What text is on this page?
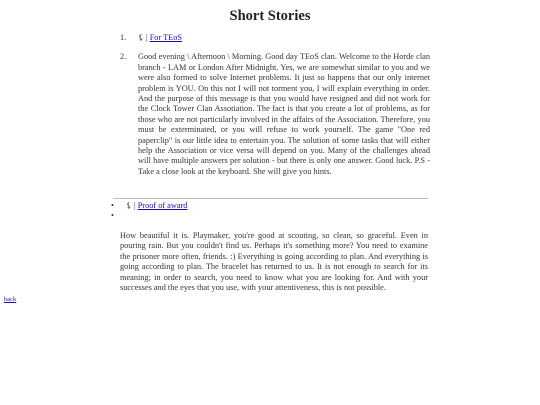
Short Stories
1. ⚸ | For TEoS
2. Good evening \ Afternoon \ Morning. Good day TEoS clan. Welcome to the Horde clan branch - LAM or London After Midnight. Yes, we are somewhat similar to you and we were also formed to solve Internet problems. It just so happens that our only internet problem is YOU. On this not I will not torment you, I will explain everything in order. And the purpose of this message is that you would have resigned and did not work for the Clock Tower Clan Assotiation. The fact is that you create a lot of problems, as for those who are not particularly involved in the affairs of the Association. Therefore, you must be exterminated, or you will refuse to work yourself. The game "One red paperclip" is our little idea to entertain you. The solution of some tasks that will either help the Association or vice versa will depend on you. Many of the challenges ahead will have multiple answers per solution - but there is only one answer. Good luck. P.S - Take a close look at the keyboard. She will give you hints.
• ⚸ | Proof of award
•

How beautiful it is. Playmaker, you're good at scouting, so clean, so graceful. Even in pouring rain. But you couldn't find us. Perhaps it's something more? You need to examine the prisoner more often, friends. :) Everything is going according to plan. And everything is going according to plan. The bracelet has returned to us. It is not enough to search for its meaning; in order to search, you need to know what you are looking for. And with your successes and the eyes that you use, with your attentiveness, this is not possible.

back
